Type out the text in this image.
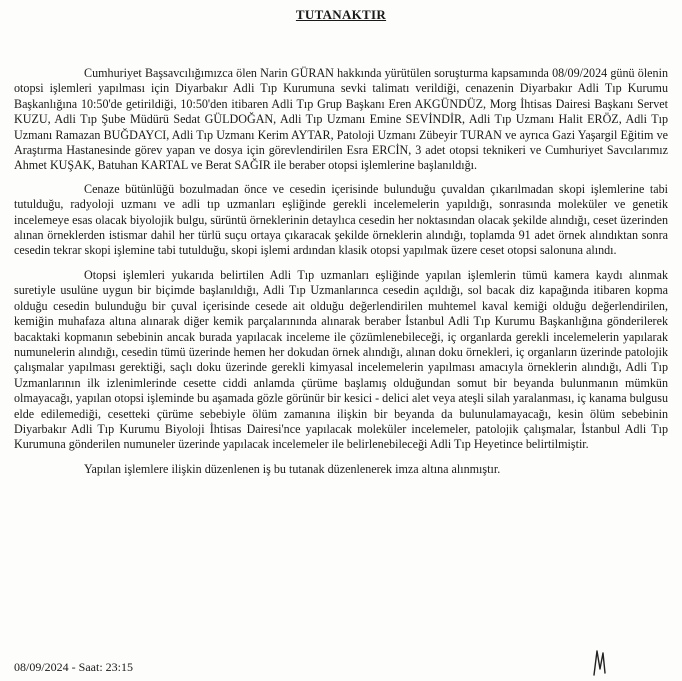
TUTANAKTIR

Cumhuriyet Başsavcılığımızca ölen Narin GÜRAN hakkında yürütülen soruşturma kapsamında 08/09/2024 günü ölenin otopsi işlemleri yapılması için Diyarbakır Adli Tıp Kurumuna sevki talimatı verildiği, cenazenin Diyarbakır Adli Tıp Kurumu Başkanlığına 10:50'de getirildiği, 10:50'den itibaren Adli Tıp Grup Başkanı Eren AKGÜNDÜZ, Morg İhtisas Dairesi Başkanı Servet KUZU, Adli Tıp Şube Müdürü Sedat GÜLDOĞAN, Adli Tıp Uzmanı Emine SEVİNDİR, Adli Tıp Uzmanı Halit ERÖZ, Adli Tıp Uzmanı Ramazan BUĞDAYCI, Adli Tıp Uzmanı Kerim AYTAR, Patoloji Uzmanı Zübeyir TURAN ve ayrıca Gazi Yaşargil Eğitim ve Araştırma Hastanesinde görev yapan ve dosya için görevlendirilen Esra ERCİN, 3 adet otopsi teknikeri ve Cumhuriyet Savcılarımız Ahmet KUŞAK, Batuhan KARTAL ve Berat SAĞIR ile beraber otopsi işlemlerine başlanıldığı.

Cenaze bütünlüğü bozulmadan önce ve cesedin içerisinde bulunduğu çuvaldan çıkarılmadan skopi işlemlerine tabi tutulduğu, radyoloji uzmanı ve adli tıp uzmanları eşliğinde gerekli incelemelerin yapıldığı, sonrasında moleküler ve genetik incelemeye esas olacak biyolojik bulgu, sürüntü örneklerinin detaylıca cesedin her noktasından olacak şekilde alındığı, ceset üzerinden alınan örneklerden istismar dahil her türlü suçu ortaya çıkaracak şekilde örneklerin alındığı, toplamda 91 adet örnek alındıktan sonra cesedin tekrar skopi işlemine tabi tutulduğu, skopi işlemi ardından klasik otopsi yapılmak üzere ceset otopsi salonuna alındı.

Otopsi işlemleri yukarıda belirtilen Adli Tıp uzmanları eşliğinde yapılan işlemlerin tümü kamera kaydı alınmak suretiyle usulüne uygun bir biçimde başlanıldığı, Adli Tıp Uzmanlarınca cesedin açıldığı, sol bacak diz kapağında itibaren kopma olduğu cesedin bulunduğu bir çuval içerisinde cesede ait olduğu değerlendirilen muhtemel kaval kemiği olduğu değerlendirilen, kemiğin muhafaza altına alınarak diğer kemik parçalarınında alınarak beraber İstanbul Adli Tıp Kurumu Başkanlığına gönderilerek bacaktaki kopmanın sebebinin ancak burada yapılacak inceleme ile çözümlenebileceği, iç organlarda gerekli incelemelerin yapılarak numunelerin alındığı, cesedin tümü üzerinde hemen her dokudan örnek alındığı, alınan doku örnekleri, iç organların üzerinde patolojik çalışmalar yapılması gerektiği, saçlı doku üzerinde gerekli kimyasal incelemelerin yapılması amacıyla örneklerin alındığı, Adli Tıp Uzmanlarının ilk izlenimlerinde cesette ciddi anlamda çürüme başlamış olduğundan somut bir beyanda bulunmanın mümkün olmayacağı, yapılan otopsi işleminde bu aşamada gözle görünür bir kesici - delici alet veya ateşli silah yaralanması, iç kanama bulgusu elde edilemediği, cesetteki çürüme sebebiyle ölüm zamanına ilişkin bir beyanda da bulunulamayacağı, kesin ölüm sebebinin Diyarbakır Adli Tıp Kurumu Biyoloji İhtisas Dairesi'nce yapılacak moleküler incelemeler, patolojik çalışmalar, İstanbul Adli Tıp Kurumuna gönderilen numuneler üzerinde yapılacak incelemeler ile belirlenebileceği Adli Tıp Heyetince belirtilmiştir.

Yapılan işlemlere ilişkin düzenlenen iş bu tutanak düzenlenerek imza altına alınmıştır.

08/09/2024 - Saat: 23:15
